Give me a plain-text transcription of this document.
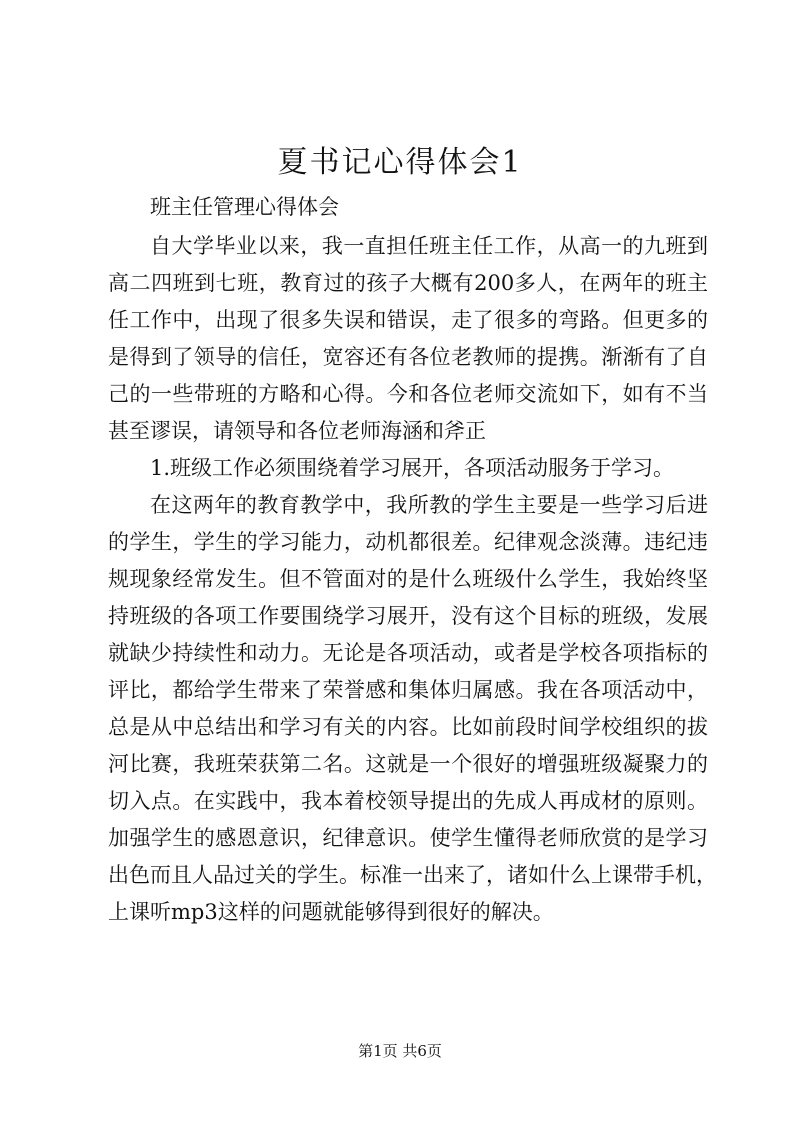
夏书记心得体会1
班主任管理心得体会
自大学毕业以来，我一直担任班主任工作，从高一的九班到
高二四班到七班，教育过的孩子大概有200多人，在两年的班主
任工作中，出现了很多失误和错误，走了很多的弯路。但更多的
是得到了领导的信任，宽容还有各位老教师的提携。渐渐有了自
己的一些带班的方略和心得。今和各位老师交流如下，如有不当
甚至谬误，请领导和各位老师海涵和斧正
1.班级工作必须围绕着学习展开，各项活动服务于学习。
在这两年的教育教学中，我所教的学生主要是一些学习后进
的学生，学生的学习能力，动机都很差。纪律观念淡薄。违纪违
规现象经常发生。但不管面对的是什么班级什么学生，我始终坚
持班级的各项工作要围绕学习展开，没有这个目标的班级，发展
就缺少持续性和动力。无论是各项活动，或者是学校各项指标的
评比，都给学生带来了荣誉感和集体归属感。我在各项活动中，
总是从中总结出和学习有关的内容。比如前段时间学校组织的拔
河比赛，我班荣获第二名。这就是一个很好的增强班级凝聚力的
切入点。在实践中，我本着校领导提出的先成人再成材的原则。
加强学生的感恩意识，纪律意识。使学生懂得老师欣赏的是学习
出色而且人品过关的学生。标准一出来了，诸如什么上课带手机，
上课听mp3这样的问题就能够得到很好的解决。
第1页 共6页
